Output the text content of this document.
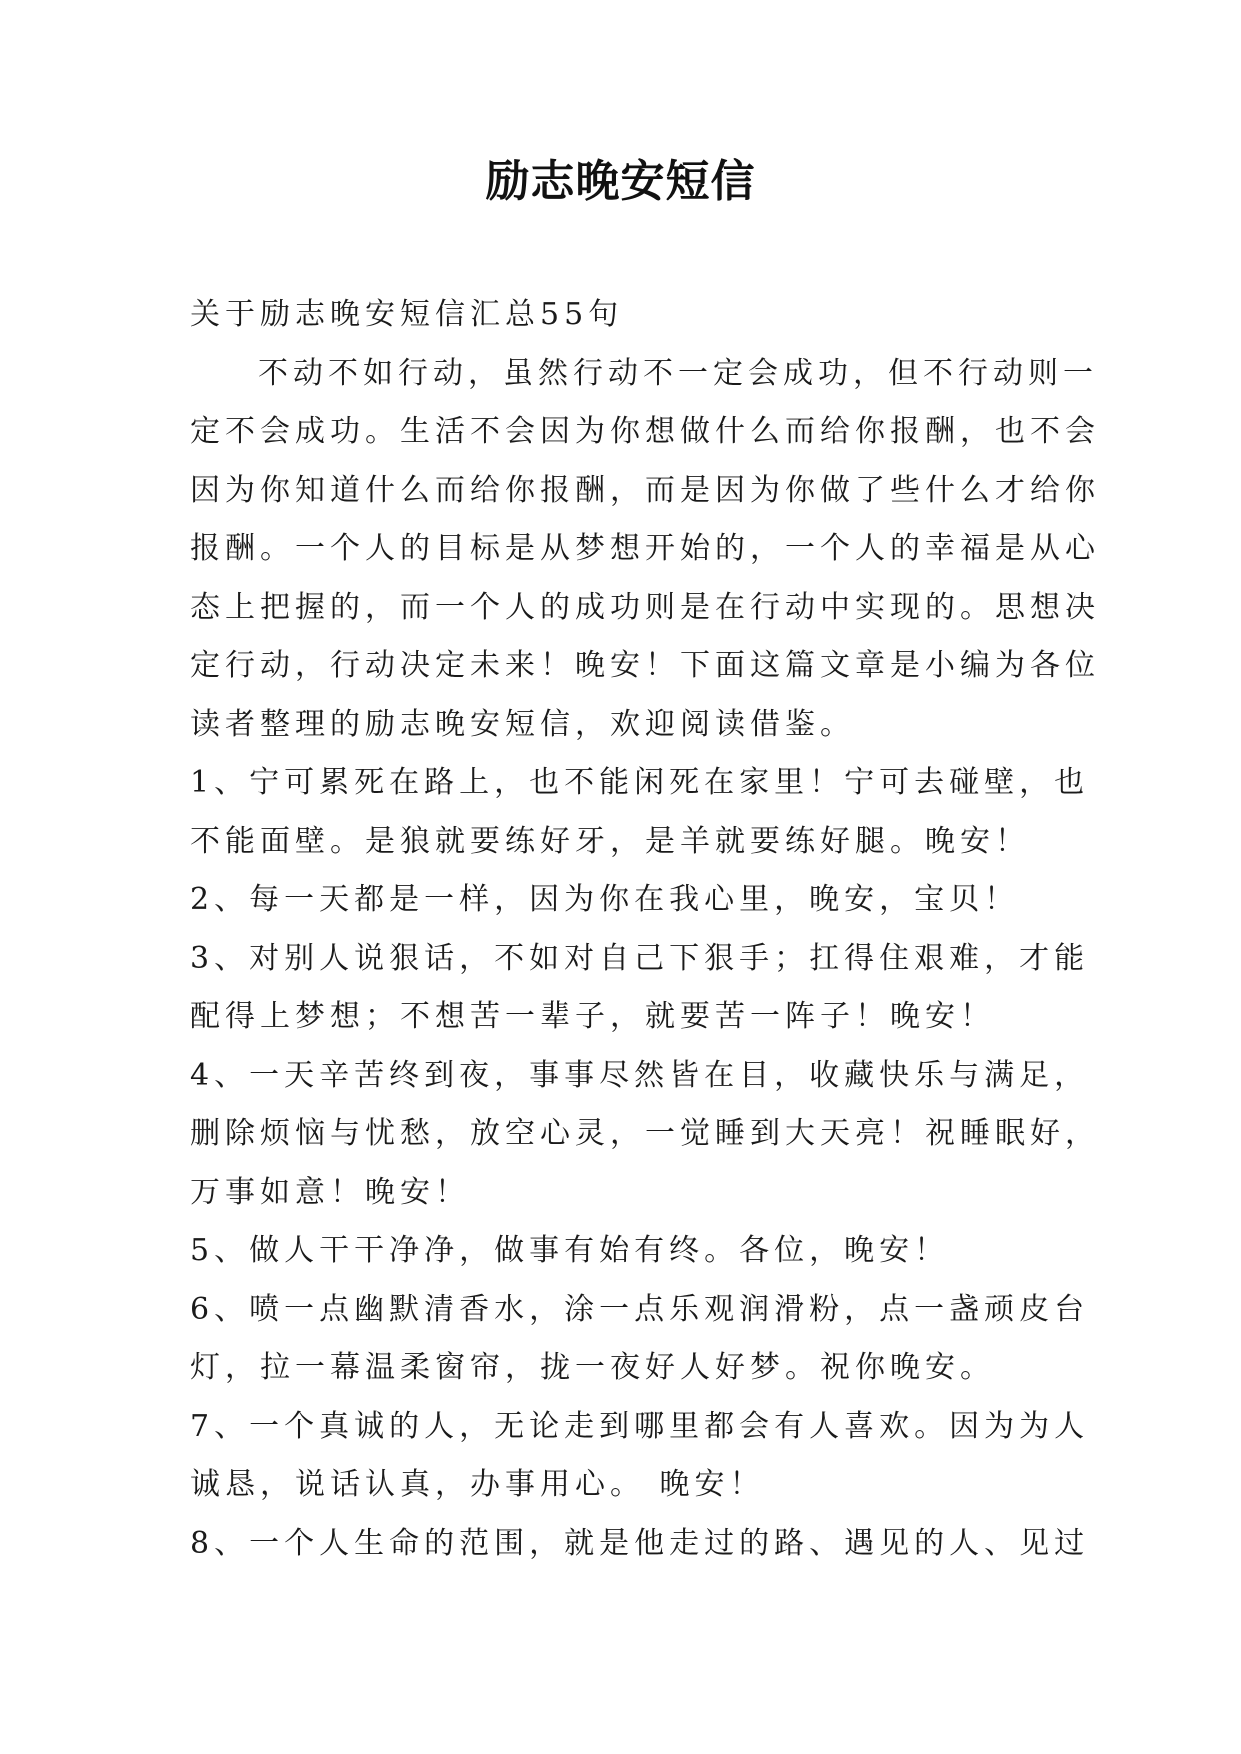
励志晚安短信
关于励志晚安短信汇总55句
不动不如行动，虽然行动不一定会成功，但不行动则一
定不会成功。生活不会因为你想做什么而给你报酬，也不会
因为你知道什么而给你报酬，而是因为你做了些什么才给你
报酬。一个人的目标是从梦想开始的，一个人的幸福是从心
态上把握的，而一个人的成功则是在行动中实现的。思想决
定行动，行动决定未来！晚安！下面这篇文章是小编为各位
读者整理的励志晚安短信，欢迎阅读借鉴。
1、宁可累死在路上，也不能闲死在家里！宁可去碰壁，也
不能面壁。是狼就要练好牙，是羊就要练好腿。晚安！
2、每一天都是一样，因为你在我心里，晚安，宝贝！
3、对别人说狠话，不如对自己下狠手；扛得住艰难，才能
配得上梦想；不想苦一辈子，就要苦一阵子！晚安！
4、一天辛苦终到夜，事事尽然皆在目，收藏快乐与满足，
删除烦恼与忧愁，放空心灵，一觉睡到大天亮！祝睡眠好，
万事如意！晚安！
5、做人干干净净，做事有始有终。各位，晚安！
6、喷一点幽默清香水，涂一点乐观润滑粉，点一盏顽皮台
灯，拉一幕温柔窗帘，拢一夜好人好梦。祝你晚安。
7、一个真诚的人，无论走到哪里都会有人喜欢。因为为人
诚恳，说话认真，办事用心。 晚安！
8、一个人生命的范围，就是他走过的路、遇见的人、见过
